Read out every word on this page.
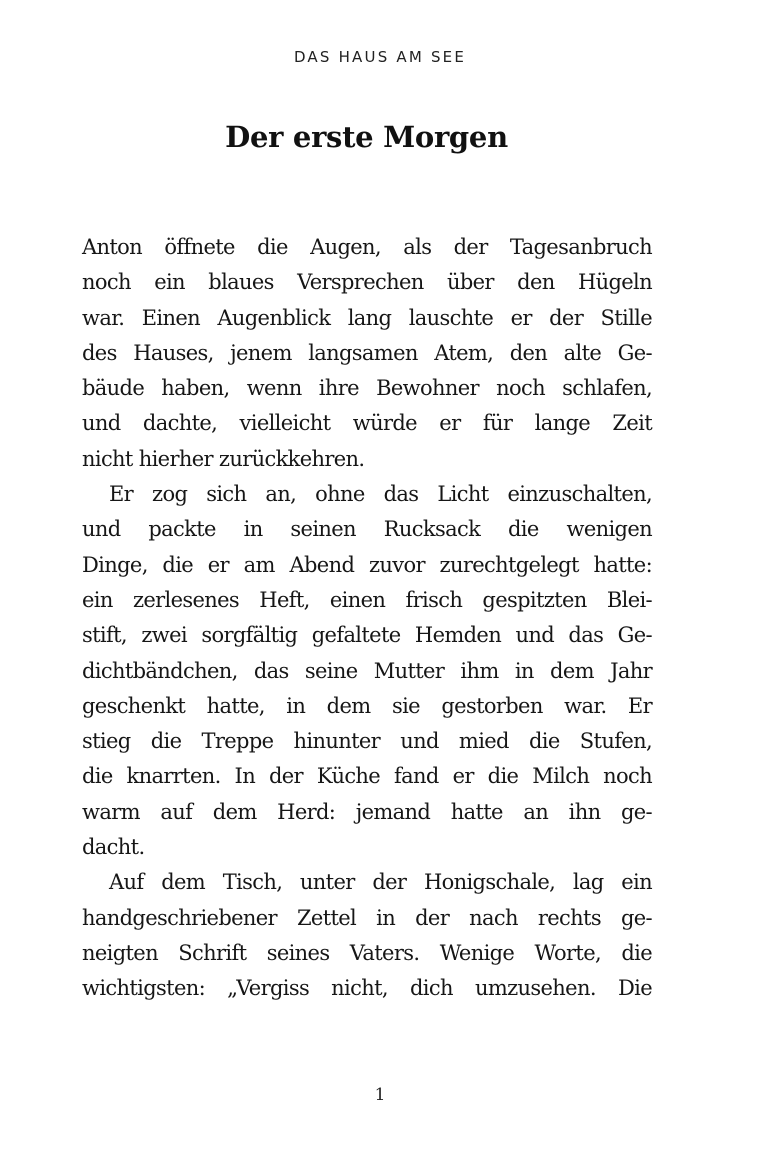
DAS HAUS AM SEE
Der erste Morgen
Anton öffnete die Augen, als der Tagesanbruch
noch ein blaues Versprechen über den Hügeln
war. Einen Augenblick lang lauschte er der Stille
des Hauses, jenem langsamen Atem, den alte Ge-
bäude haben, wenn ihre Bewohner noch schlafen,
und dachte, vielleicht würde er für lange Zeit
nicht hierher zurückkehren.
Er zog sich an, ohne das Licht einzuschalten,
und packte in seinen Rucksack die wenigen
Dinge, die er am Abend zuvor zurechtgelegt hatte:
ein zerlesenes Heft, einen frisch gespitzten Blei-
stift, zwei sorgfältig gefaltete Hemden und das Ge-
dichtbändchen, das seine Mutter ihm in dem Jahr
geschenkt hatte, in dem sie gestorben war. Er
stieg die Treppe hinunter und mied die Stufen,
die knarrten. In der Küche fand er die Milch noch
warm auf dem Herd: jemand hatte an ihn ge-
dacht.
Auf dem Tisch, unter der Honigschale, lag ein
handgeschriebener Zettel in der nach rechts ge-
neigten Schrift seines Vaters. Wenige Worte, die
wichtigsten: „Vergiss nicht, dich umzusehen. Die
1
